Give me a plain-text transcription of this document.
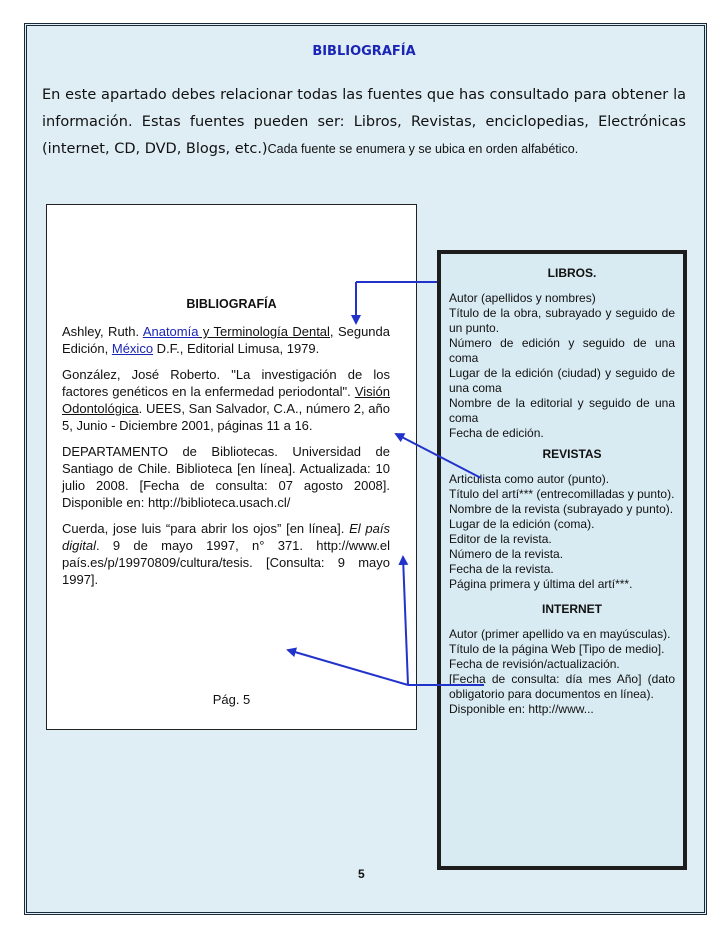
BIBLIOGRAFÍA
En este apartado debes relacionar todas las fuentes que has consultado para obtener la información. Estas fuentes pueden ser: Libros, Revistas, enciclopedias, Electrónicas (internet, CD, DVD, Blogs, etc.)Cada fuente se enumera y se ubica en orden alfabético.
BIBLIOGRAFÍA
Ashley, Ruth. Anatomía y Terminología Dental, Segunda Edición, México D.F., Editorial Limusa, 1979.
González, José Roberto. "La investigación de los factores genéticos en la enfermedad periodontal". Visión Odontológica. UEES, San Salvador, C.A., número 2, año 5, Junio - Diciembre 2001, páginas 11 a 16.
DEPARTAMENTO de Bibliotecas. Universidad de Santiago de Chile. Biblioteca [en línea]. Actualizada: 10 julio 2008. [Fecha de consulta: 07 agosto 2008]. Disponible en: http://biblioteca.usach.cl/
Cuerda, jose luis “para abrir los ojos” [en línea]. El país digital. 9 de mayo 1997, n° 371. http://www.el país.es/p/19970809/cultura/tesis. [Consulta: 9 mayo 1997].
Pág. 5
LIBROS.
Autor (apellidos y nombres)
Título de la obra, subrayado y seguido de un punto.
Número de edición y seguido de una coma
Lugar de la edición (ciudad) y seguido de una coma
Nombre de la editorial y seguido de una coma
Fecha de edición.
REVISTAS
Articulista como autor (punto).
Título del artí*** (entrecomilladas y punto).
Nombre de la revista (subrayado y punto).
Lugar de la edición (coma).
Editor de la revista.
Número de la revista.
Fecha de la revista.
Página primera y última del artí***.
INTERNET
Autor (primer apellido va en mayúsculas).
Título de la página Web [Tipo de medio].
Fecha de revisión/actualización.
[Fecha de consulta: día mes Año] (dato obligatorio para documentos en línea).
Disponible en: http://www...
5
